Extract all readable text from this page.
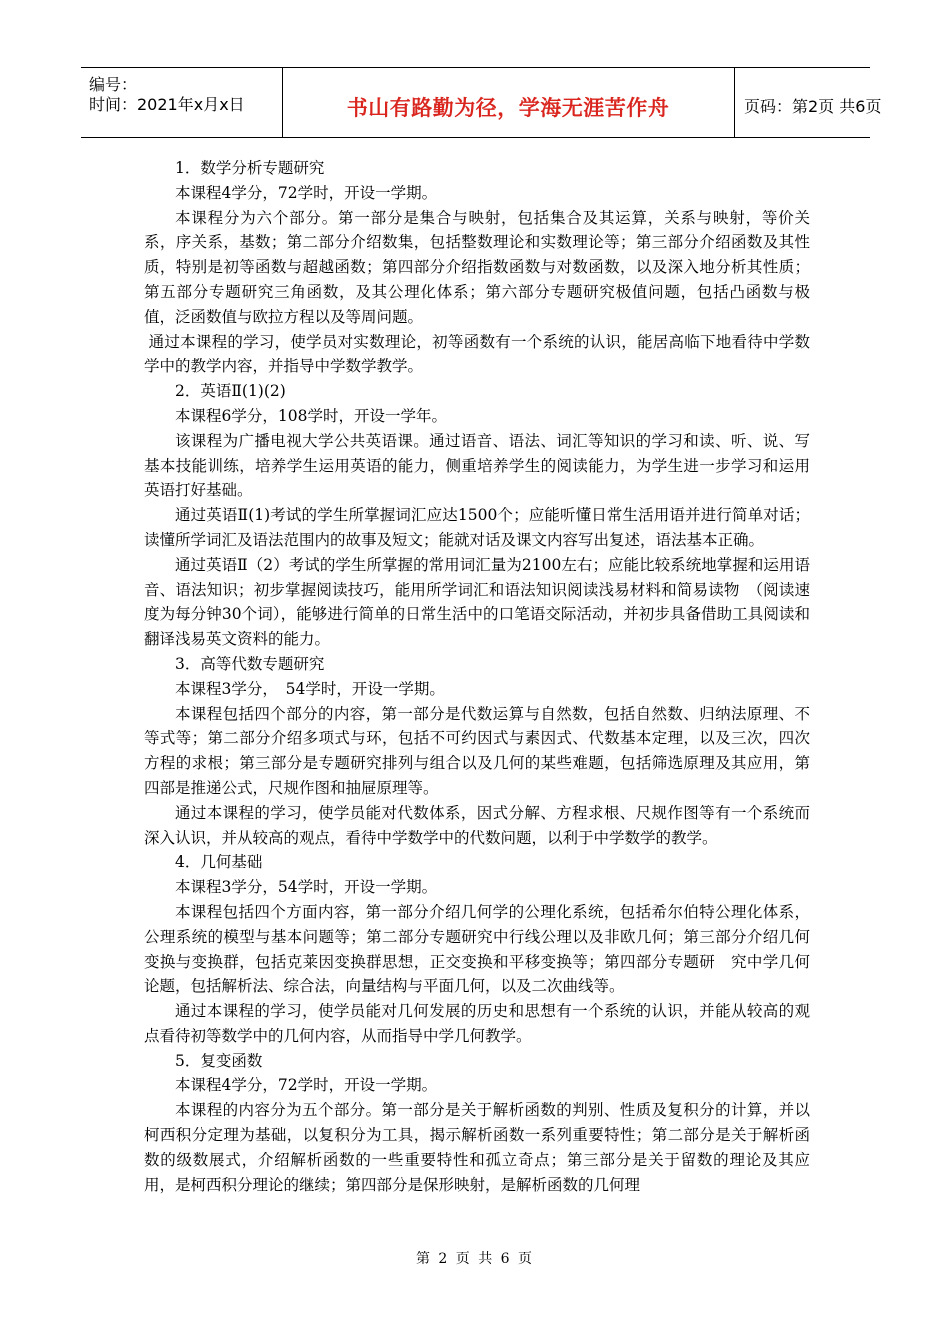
编号：
时间：2021年x月x日	书山有路勤为径，学海无涯苦作舟	页码：第2页 共6页

1．数学分析专题研究

本课程4学分，72学时，开设一学期。

本课程分为六个部分。第一部分是集合与映射，包括集合及其运算，关系与映射，等价关系，序关系，基数；第二部分介绍数集，包括整数理论和实数理论等；第三部分介绍函数及其性质，特别是初等函数与超越函数；第四部分介绍指数函数与对数函数，以及深入地分析其性质；第五部分专题研究三角函数，及其公理化体系；第六部分专题研究极值问题，包括凸函数与极值，泛函数值与欧拉方程以及等周问题。

通过本课程的学习，使学员对实数理论，初等函数有一个系统的认识，能居高临下地看待中学数学中的教学内容，并指导中学数学教学。

2．英语Ⅱ(1)(2)

本课程6学分，108学时，开设一学年。

该课程为广播电视大学公共英语课。通过语音、语法、词汇等知识的学习和读、听、说、写基本技能训练，培养学生运用英语的能力，侧重培养学生的阅读能力，为学生进一步学习和运用英语打好基础。

通过英语Ⅱ(1)考试的学生所掌握词汇应达1500个；应能听懂日常生活用语并进行简单对话；读懂所学词汇及语法范围内的故事及短文；能就对话及课文内容写出复述，语法基本正确。

通过英语Ⅱ（2）考试的学生所掌握的常用词汇量为2100左右；应能比较系统地掌握和运用语音、语法知识；初步掌握阅读技巧，能用所学词汇和语法知识阅读浅易材料和简易读物　（阅读速度为每分钟30个词），能够进行简单的日常生活中的口笔语交际活动，并初步具备借助工具阅读和翻译浅易英文资料的能力。

3．高等代数专题研究

本课程3学分，　54学时，开设一学期。

本课程包括四个部分的内容，第一部分是代数运算与自然数，包括自然数、归纳法原理、不等式等；第二部分介绍多项式与环，包括不可约因式与素因式、代数基本定理，以及三次，四次方程的求根；第三部分是专题研究排列与组合以及几何的某些难题，包括筛选原理及其应用，第四部是推递公式，尺规作图和抽屉原理等。

通过本课程的学习，使学员能对代数体系，因式分解、方程求根、尺规作图等有一个系统而深入认识，并从较高的观点，看待中学数学中的代数问题，以利于中学数学的教学。

4．几何基础

本课程3学分，54学时，开设一学期。

本课程包括四个方面内容，第一部分介绍几何学的公理化系统，包括希尔伯特公理化体系，公理系统的模型与基本问题等；第二部分专题研究中行线公理以及非欧几何；第三部分介绍几何变换与变换群，包括克莱因变换群思想，正交变换和平移变换等；第四部分专题研　究中学几何论题，包括解析法、综合法，向量结构与平面几何，以及二次曲线等。

通过本课程的学习，使学员能对几何发展的历史和思想有一个系统的认识，并能从较高的观点看待初等数学中的几何内容，从而指导中学几何教学。

5．复变函数

本课程4学分，72学时，开设一学期。

本课程的内容分为五个部分。第一部分是关于解析函数的判别、性质及复积分的计算，并以柯西积分定理为基础，以复积分为工具，揭示解析函数一系列重要特性；第二部分是关于解析函数的级数展式，介绍解析函数的一些重要特性和孤立奇点；第三部分是关于留数的理论及其应用，是柯西积分理论的继续；第四部分是保形映射，是解析函数的几何理

第 2 页 共 6 页
